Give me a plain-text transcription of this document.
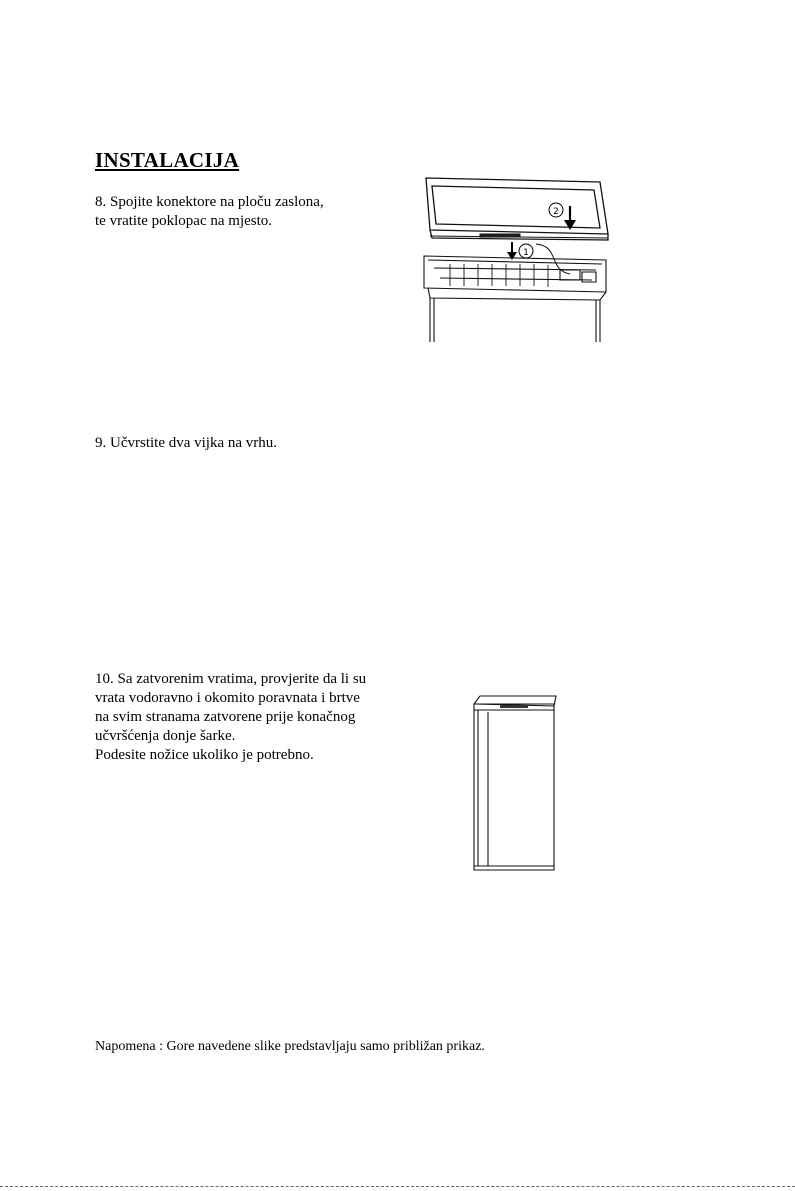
INSTALACIJA
8. Spojite konektore na ploču zaslona,
te vratite poklopac na mjesto.
2
1
9. Učvrstite dva vijka na vrhu.
10. Sa zatvorenim vratima, provjerite da li su
vrata vodoravno i okomito poravnata i brtve
na svim stranama zatvorene prije konačnog
učvršćenja donje šarke.
Podesite nožice ukoliko je potrebno.
Napomena : Gore navedene slike predstavljaju samo približan prikaz.
